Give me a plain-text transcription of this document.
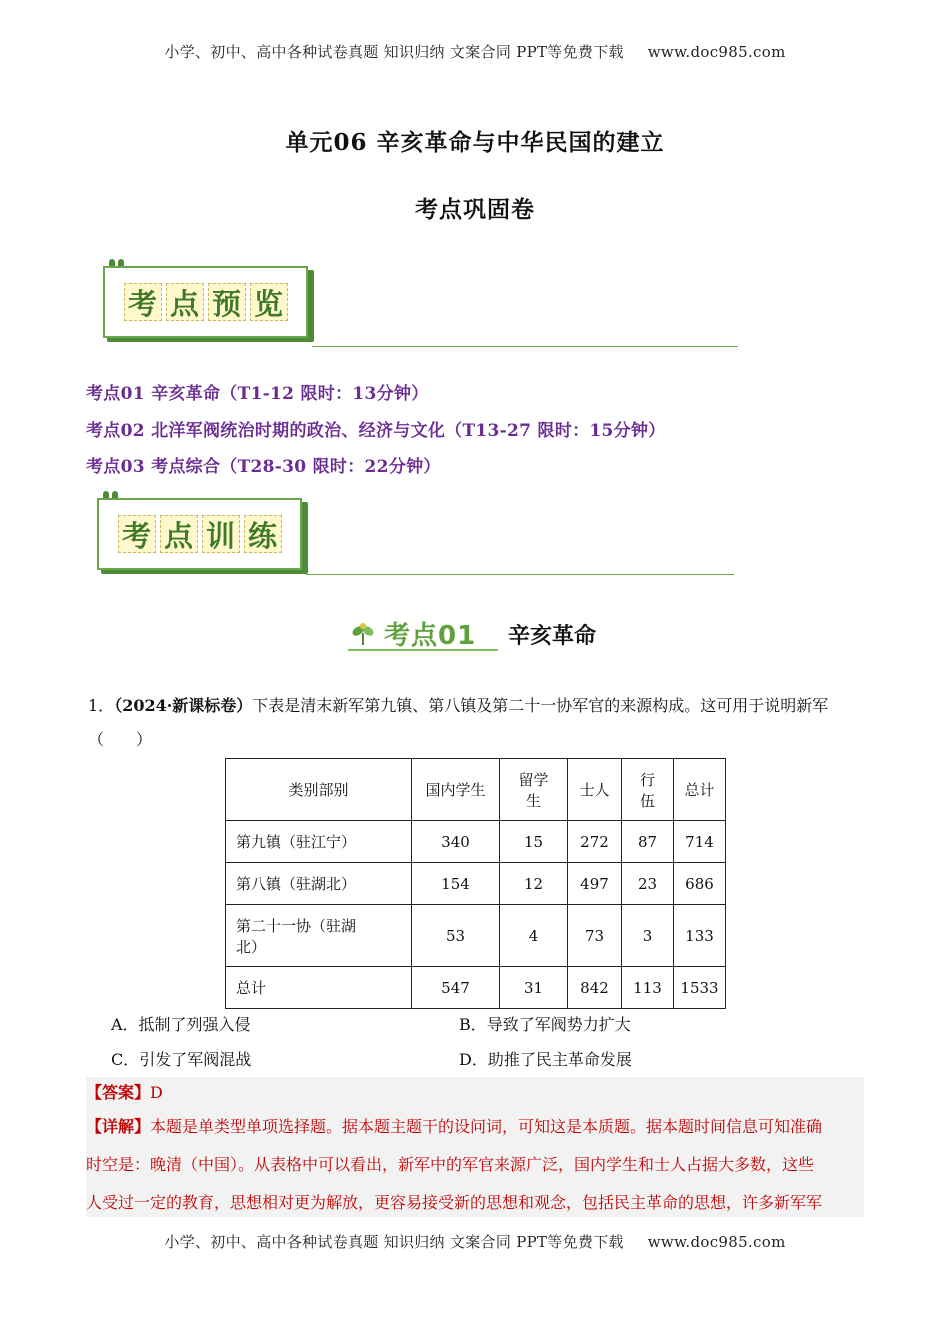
小学、初中、高中各种试卷真题 知识归纳 文案合同 PPT等免费下载 www.doc985.com
单元06 辛亥革命与中华民国的建立
考点巩固卷
考 点 预 览
考点01 辛亥革命（T1-12 限时：13分钟）
考点02 北洋军阀统治时期的政治、经济与文化（T13-27 限时：15分钟）
考点03 考点综合（T28-30 限时：22分钟）
考 点 训 练
考点01 辛亥革命
1．（2024·新课标卷）下表是清末新军第九镇、第八镇及第二十一协军官的来源构成。这可用于说明新军
（　　）
类别部别	国内学生	留学生	士人	行伍	总计
第九镇（驻江宁）	340	15	272	87	714
第八镇（驻湖北）	154	12	497	23	686
第二十一协（驻湖北）	53	4	73	3	133
总计	547	31	842	113	1533
A．抵制了列强入侵	B．导致了军阀势力扩大
C．引发了军阀混战	D．助推了民主革命发展
【答案】D
【详解】本题是单类型单项选择题。据本题主题干的设问词，可知这是本质题。据本题时间信息可知准确
时空是：晚清（中国）。从表格中可以看出，新军中的军官来源广泛，国内学生和士人占据大多数，这些
人受过一定的教育，思想相对更为解放，更容易接受新的思想和观念，包括民主革命的思想，许多新军军
小学、初中、高中各种试卷真题 知识归纳 文案合同 PPT等免费下载 www.doc985.com
